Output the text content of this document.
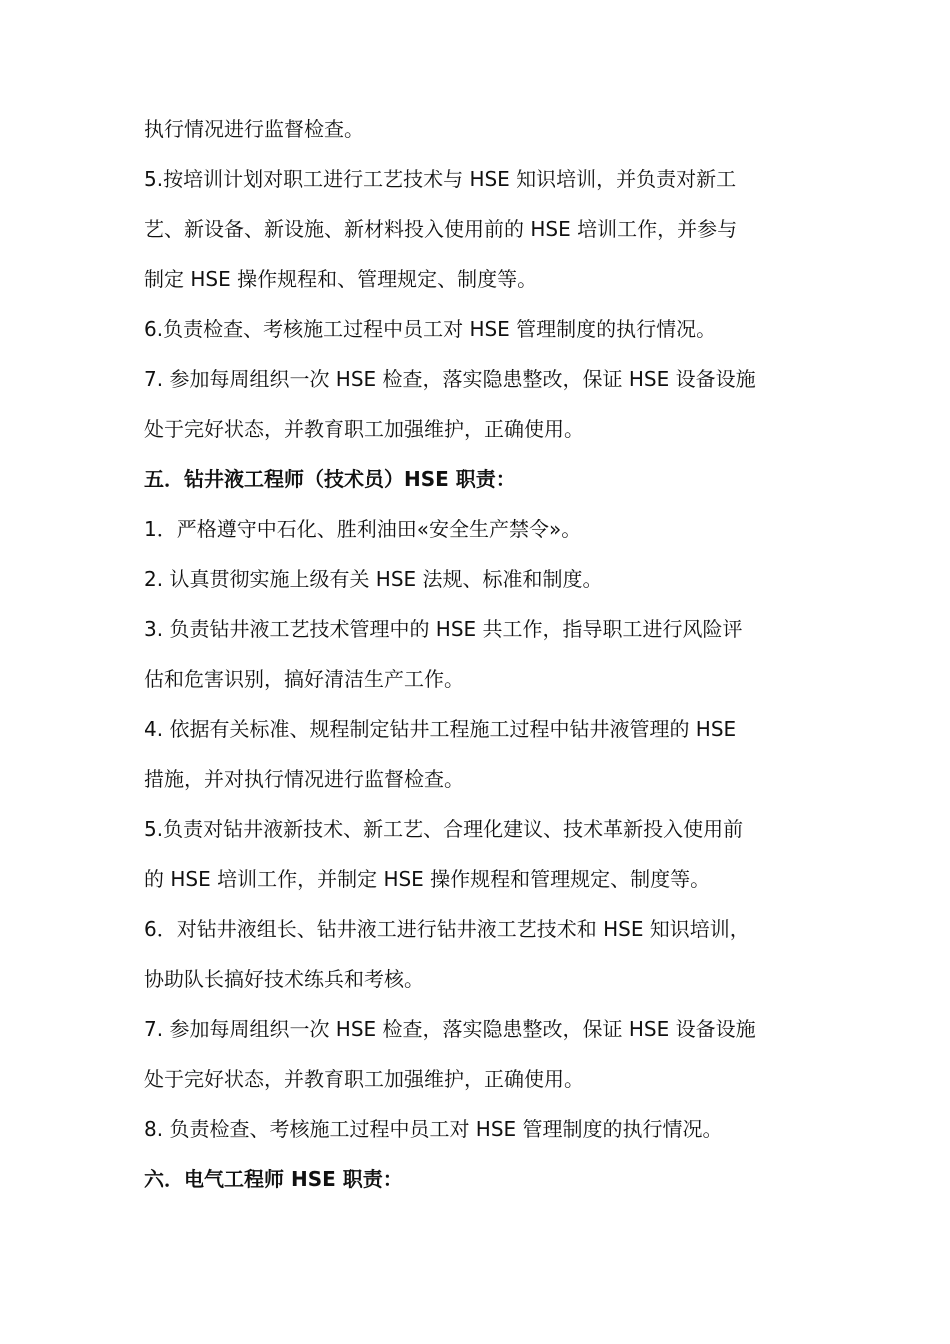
执行情况进行监督检查。
5.按培训计划对职工进行工艺技术与 HSE 知识培训，并负责对新工
艺、新设备、新设施、新材料投入使用前的 HSE 培训工作，并参与
制定 HSE 操作规程和、管理规定、制度等。
6.负责检查、考核施工过程中员工对 HSE 管理制度的执行情况。
7. 参加每周组织一次 HSE 检查，落实隐患整改，保证 HSE 设备设施
处于完好状态，并教育职工加强维护，正确使用。
五．钻井液工程师（技术员）HSE 职责：
1．严格遵守中石化、胜利油田«安全生产禁令»。
2. 认真贯彻实施上级有关 HSE 法规、标准和制度。
3. 负责钻井液工艺技术管理中的 HSE 共工作，指导职工进行风险评
估和危害识别，搞好清洁生产工作。
4. 依据有关标准、规程制定钻井工程施工过程中钻井液管理的 HSE
措施，并对执行情况进行监督检查。
5.负责对钻井液新技术、新工艺、合理化建议、技术革新投入使用前
的 HSE 培训工作，并制定 HSE 操作规程和管理规定、制度等。
6．对钻井液组长、钻井液工进行钻井液工艺技术和 HSE 知识培训，
协助队长搞好技术练兵和考核。
7. 参加每周组织一次 HSE 检查，落实隐患整改，保证 HSE 设备设施
处于完好状态，并教育职工加强维护，正确使用。
8. 负责检查、考核施工过程中员工对 HSE 管理制度的执行情况。
六．电气工程师 HSE 职责：
